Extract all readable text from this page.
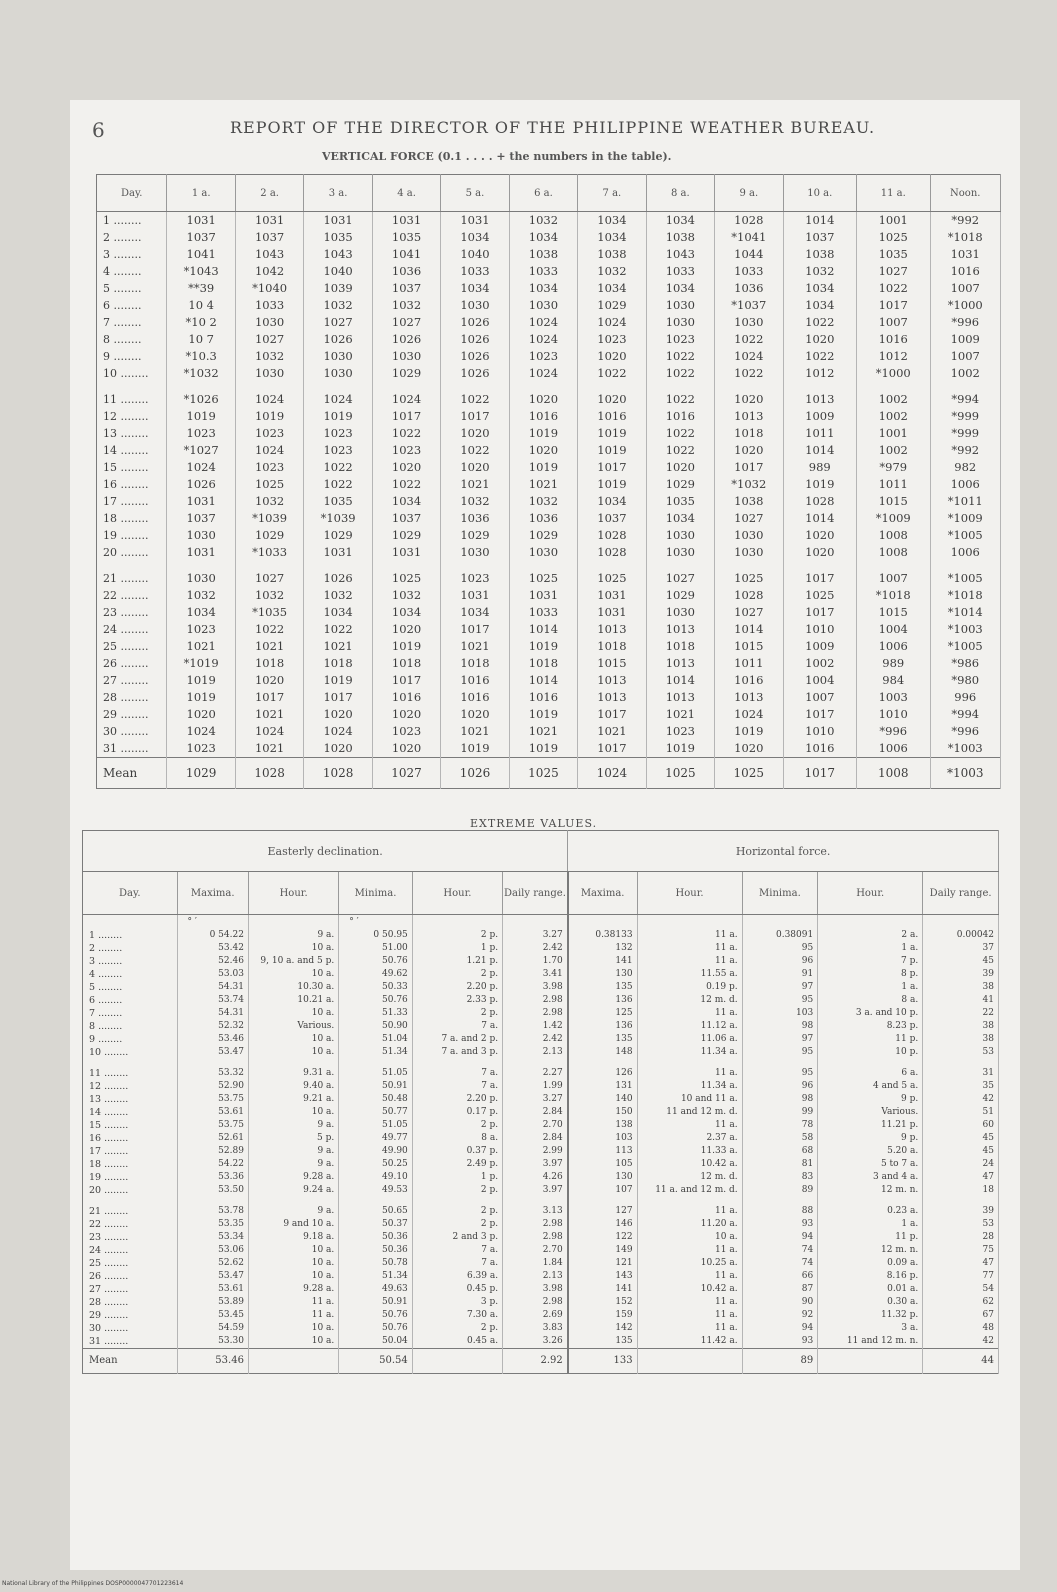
6	REPORT OF THE DIRECTOR OF THE PHILIPPINE WEATHER BUREAU.
VERTICAL FORCE (0.1 . . . . + the numbers in the table).
Day.	1 a.	2 a.	3 a.	4 a.	5 a.	6 a.	7 a.	8 a.	9 a.	10 a.	11 a.	Noon.
1 ........	1031	1031	1031	1031	1031	1032	1034	1034	1028	1014	1001	*992
2 ........	1037	1037	1035	1035	1034	1034	1034	1038	*1041	1037	1025	*1018
3 ........	1041	1043	1043	1041	1040	1038	1038	1043	1044	1038	1035	1031
4 ........	*1043	1042	1040	1036	1033	1033	1032	1033	1033	1032	1027	1016
5 ........	**39	*1040	1039	1037	1034	1034	1034	1034	1036	1034	1022	1007
6 ........	10 4	1033	1032	1032	1030	1030	1029	1030	*1037	1034	1017	*1000
7 ........	*10 2	1030	1027	1027	1026	1024	1024	1030	1030	1022	1007	*996
8 ........	10 7	1027	1026	1026	1026	1024	1023	1023	1022	1020	1016	1009
9 ........	*10.3	1032	1030	1030	1026	1023	1020	1022	1024	1022	1012	1007
10 ........	*1032	1030	1030	1029	1026	1024	1022	1022	1022	1012	*1000	1002
11 ........	*1026	1024	1024	1024	1022	1020	1020	1022	1020	1013	1002	*994
12 ........	1019	1019	1019	1017	1017	1016	1016	1016	1013	1009	1002	*999
13 ........	1023	1023	1023	1022	1020	1019	1019	1022	1018	1011	1001	*999
14 ........	*1027	1024	1023	1023	1022	1020	1019	1022	1020	1014	1002	*992
15 ........	1024	1023	1022	1020	1020	1019	1017	1020	1017	989	*979	982
16 ........	1026	1025	1022	1022	1021	1021	1019	1029	*1032	1019	1011	1006
17 ........	1031	1032	1035	1034	1032	1032	1034	1035	1038	1028	1015	*1011
18 ........	1037	*1039	*1039	1037	1036	1036	1037	1034	1027	1014	*1009	*1009
19 ........	1030	1029	1029	1029	1029	1029	1028	1030	1030	1020	1008	*1005
20 ........	1031	*1033	1031	1031	1030	1030	1028	1030	1030	1020	1008	1006
21 ........	1030	1027	1026	1025	1023	1025	1025	1027	1025	1017	1007	*1005
22 ........	1032	1032	1032	1032	1031	1031	1031	1029	1028	1025	*1018	*1018
23 ........	1034	*1035	1034	1034	1034	1033	1031	1030	1027	1017	1015	*1014
24 ........	1023	1022	1022	1020	1017	1014	1013	1013	1014	1010	1004	*1003
25 ........	1021	1021	1021	1019	1021	1019	1018	1018	1015	1009	1006	*1005
26 ........	*1019	1018	1018	1018	1018	1018	1015	1013	1011	1002	989	*986
27 ........	1019	1020	1019	1017	1016	1014	1013	1014	1016	1004	984	*980
28 ........	1019	1017	1017	1016	1016	1016	1013	1013	1013	1007	1003	996
29 ........	1020	1021	1020	1020	1020	1019	1017	1021	1024	1017	1010	*994
30 ........	1024	1024	1024	1023	1021	1021	1021	1023	1019	1010	*996	*996
31 ........	1023	1021	1020	1020	1019	1019	1017	1019	1020	1016	1006	*1003
Mean	1029	1028	1028	1027	1026	1025	1024	1025	1025	1017	1008	*1003
EXTREME VALUES.
Easterly declination.						Horizontal force.				
Day.	Maxima.	Hour.	Minima.	Hour.	Daily range.	Maxima.	Hour.	Minima.	Hour.	Daily range.
	° ′		° ′							
1 ........	0 54.22	9 a.	0 50.95	2 p.	3.27	0.38133	11 a.	0.38091	2 a.	0.00042
2 ........	53.42	10 a.	51.00	1 p.	2.42	132	11 a.	95	1 a.	37
3 ........	52.46	9, 10 a. and 5 p.	50.76	1.21 p.	1.70	141	11 a.	96	7 p.	45
4 ........	53.03	10 a.	49.62	2 p.	3.41	130	11.55 a.	91	8 p.	39
5 ........	54.31	10.30 a.	50.33	2.20 p.	3.98	135	0.19 p.	97	1 a.	38
6 ........	53.74	10.21 a.	50.76	2.33 p.	2.98	136	12 m. d.	95	8 a.	41
7 ........	54.31	10 a.	51.33	2 p.	2.98	125	11 a.	103	3 a. and 10 p.	22
8 ........	52.32	Various.	50.90	7 a.	1.42	136	11.12 a.	98	8.23 p.	38
9 ........	53.46	10 a.	51.04	7 a. and 2 p.	2.42	135	11.06 a.	97	11 p.	38
10 ........	53.47	10 a.	51.34	7 a. and 3 p.	2.13	148	11.34 a.	95	10 p.	53
11 ........	53.32	9.31 a.	51.05	7 a.	2.27	126	11 a.	95	6 a.	31
12 ........	52.90	9.40 a.	50.91	7 a.	1.99	131	11.34 a.	96	4 and 5 a.	35
13 ........	53.75	9.21 a.	50.48	2.20 p.	3.27	140	10 and 11 a.	98	9 p.	42
14 ........	53.61	10 a.	50.77	0.17 p.	2.84	150	11 and 12 m. d.	99	Various.	51
15 ........	53.75	9 a.	51.05	2 p.	2.70	138	11 a.	78	11.21 p.	60
16 ........	52.61	5 p.	49.77	8 a.	2.84	103	2.37 a.	58	9 p.	45
17 ........	52.89	9 a.	49.90	0.37 p.	2.99	113	11.33 a.	68	5.20 a.	45
18 ........	54.22	9 a.	50.25	2.49 p.	3.97	105	10.42 a.	81	5 to 7 a.	24
19 ........	53.36	9.28 a.	49.10	1 p.	4.26	130	12 m. d.	83	3 and 4 a.	47
20 ........	53.50	9.24 a.	49.53	2 p.	3.97	107	11 a. and 12 m. d.	89	12 m. n.	18
21 ........	53.78	9 a.	50.65	2 p.	3.13	127	11 a.	88	0.23 a.	39
22 ........	53.35	9 and 10 a.	50.37	2 p.	2.98	146	11.20 a.	93	1 a.	53
23 ........	53.34	9.18 a.	50.36	2 and 3 p.	2.98	122	10 a.	94	11 p.	28
24 ........	53.06	10 a.	50.36	7 a.	2.70	149	11 a.	74	12 m. n.	75
25 ........	52.62	10 a.	50.78	7 a.	1.84	121	10.25 a.	74	0.09 a.	47
26 ........	53.47	10 a.	51.34	6.39 a.	2.13	143	11 a.	66	8.16 p.	77
27 ........	53.61	9.28 a.	49.63	0.45 p.	3.98	141	10.42 a.	87	0.01 a.	54
28 ........	53.89	11 a.	50.91	3 p.	2.98	152	11 a.	90	0.30 a.	62
29 ........	53.45	11 a.	50.76	7.30 a.	2.69	159	11 a.	92	11.32 p.	67
30 ........	54.59	10 a.	50.76	2 p.	3.83	142	11 a.	94	3 a.	48
31 ........	53.30	10 a.	50.04	0.45 a.	3.26	135	11.42 a.	93	11 and 12 m. n.	42
Mean	53.46		50.54		2.92	133		89		44
National Library of the Philippines DOSP0000047701223614
